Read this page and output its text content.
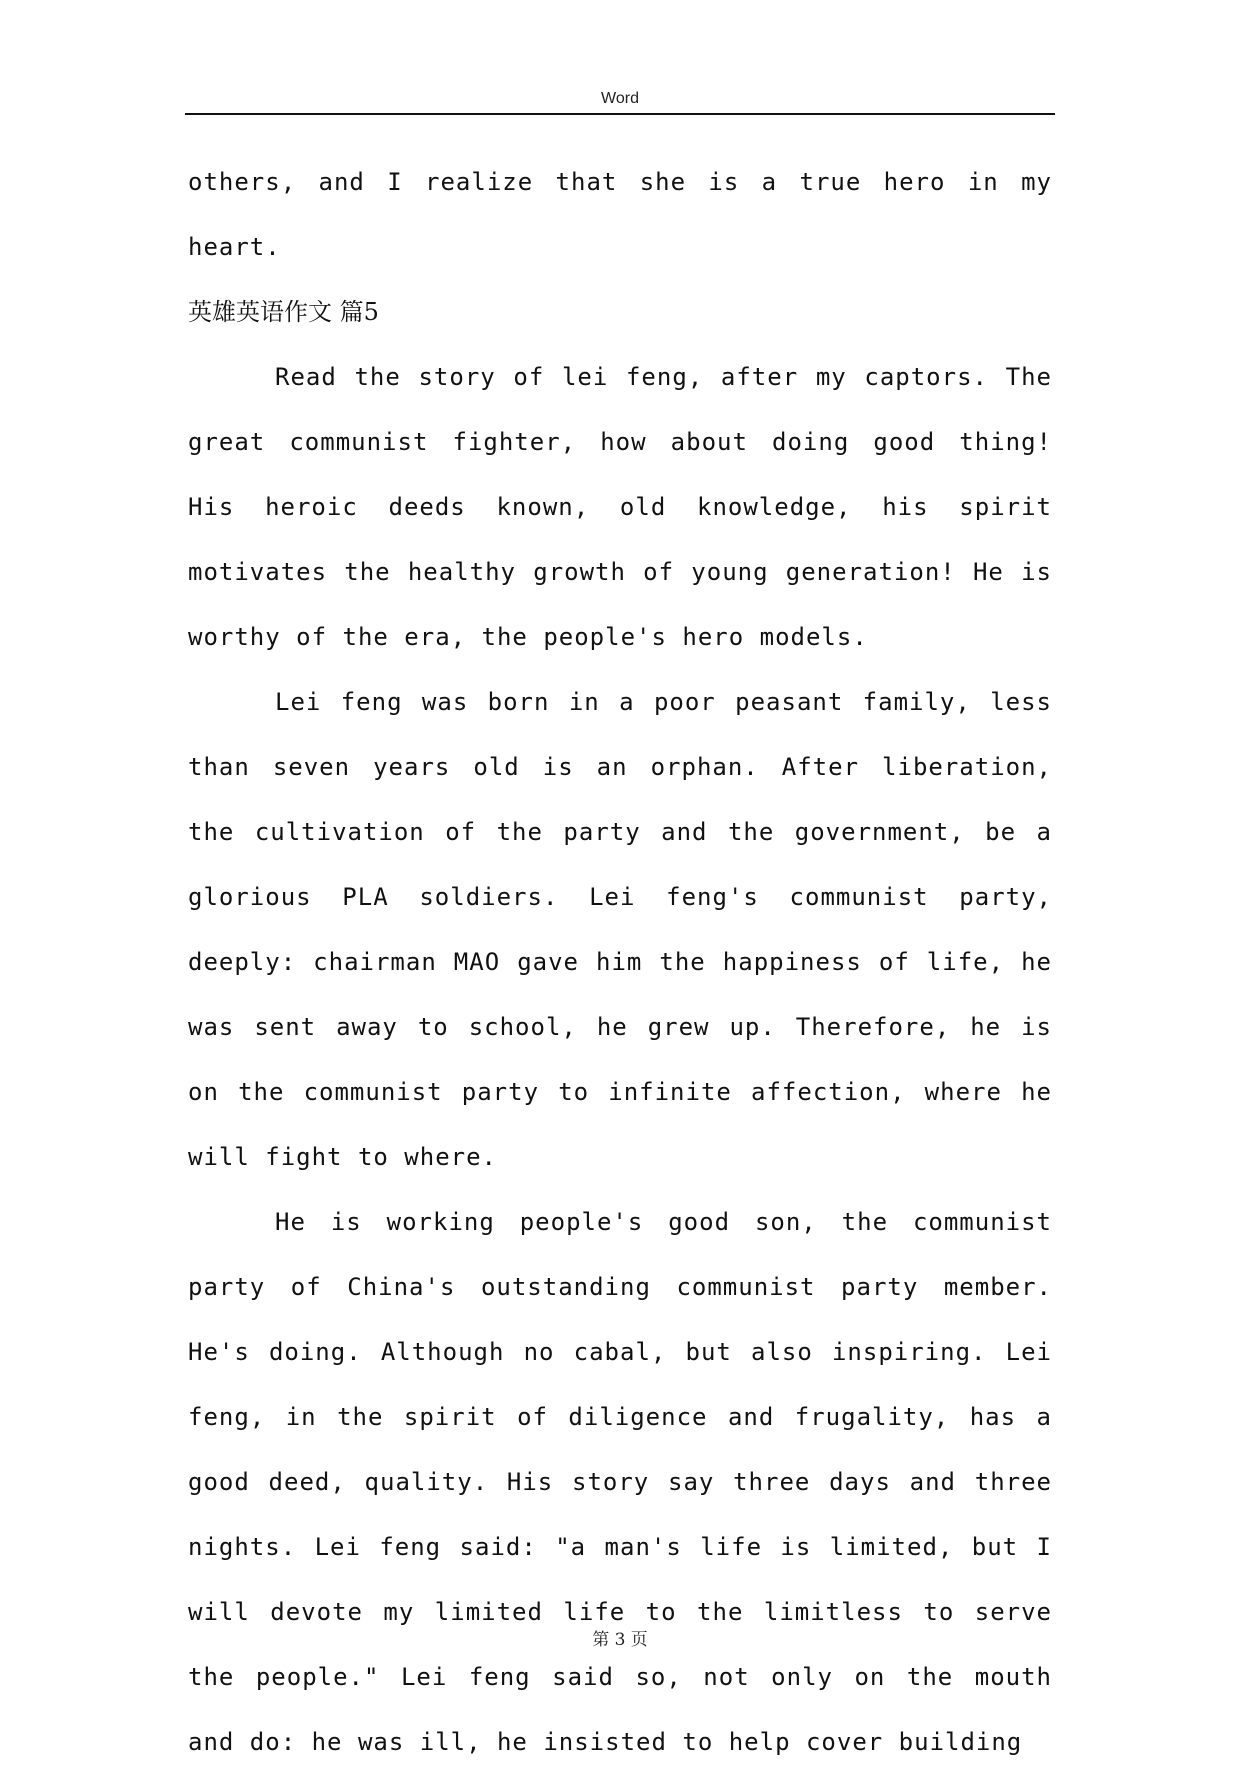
Word

others, and I realize that she is a true hero in my heart.

英雄英语作文 篇5

Read the story of lei feng, after my captors. The great communist fighter, how about doing good thing! His heroic deeds known, old knowledge, his spirit motivates the healthy growth of young generation! He is worthy of the era, the people's hero models.

Lei feng was born in a poor peasant family, less than seven years old is an orphan. After liberation, the cultivation of the party and the government, be a glorious PLA soldiers. Lei feng's communist party, deeply: chairman MAO gave him the happiness of life, he was sent away to school, he grew up. Therefore, he is on the communist party to infinite affection, where he will fight to where.

He is working people's good son, the communist party of China's outstanding communist party member. He's doing. Although no cabal, but also inspiring. Lei feng, in the spirit of diligence and frugality, has a good deed, quality. His story say three days and three nights. Lei feng said: "a man's life is limited, but I will devote my limited life to the limitless to serve the people." Lei feng said so, not only on the mouth and do: he was ill, he insisted to help cover building

第 3 页
